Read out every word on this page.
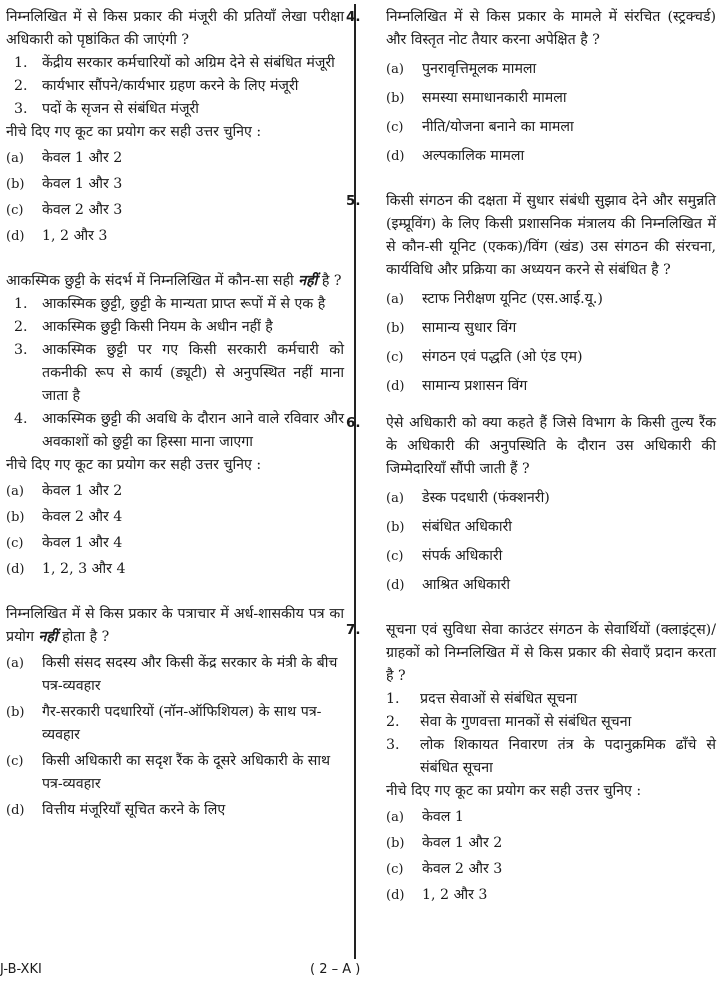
निम्नलिखित में से किस प्रकार की मंजूरी की प्रतियाँ लेखा परीक्षा अधिकारी को पृष्ठांकित की जाएंगी ?
1.	केंद्रीय सरकार कर्मचारियों को अग्रिम देने से संबंधित मंजूरी
2.	कार्यभार सौंपने/कार्यभार ग्रहण करने के लिए मंजूरी
3.	पदों के सृजन से संबंधित मंजूरी
नीचे दिए गए कूट का प्रयोग कर सही उत्तर चुनिए :
(a)	केवल 1 और 2
(b)	केवल 1 और 3
(c)	केवल 2 और 3
(d)	1, 2 और 3
आकस्मिक छुट्टी के संदर्भ में निम्नलिखित में कौन-सा सही नहीं है ?
1.	आकस्मिक छुट्टी, छुट्टी के मान्यता प्राप्त रूपों में से एक है
2.	आकस्मिक छुट्टी किसी नियम के अधीन नहीं है
3.	आकस्मिक छुट्टी पर गए किसी सरकारी कर्मचारी को तकनीकी रूप से कार्य (ड्यूटी) से अनुपस्थित नहीं माना जाता है
4.	आकस्मिक छुट्टी की अवधि के दौरान आने वाले रविवार और अवकाशों को छुट्टी का हिस्सा माना जाएगा
नीचे दिए गए कूट का प्रयोग कर सही उत्तर चुनिए :
(a)	केवल 1 और 2
(b)	केवल 2 और 4
(c)	केवल 1 और 4
(d)	1, 2, 3 और 4
निम्नलिखित में से किस प्रकार के पत्राचार में अर्ध-शासकीय पत्र का प्रयोग नहीं होता है ?
(a)	किसी संसद सदस्य और किसी केंद्र सरकार के मंत्री के बीच पत्र-व्यवहार
(b)	गैर-सरकारी पदधारियों (नॉन-ऑफिशियल) के साथ पत्र-व्यवहार
(c)	किसी अधिकारी का सदृश रैंक के दूसरे अधिकारी के साथ पत्र-व्यवहार
(d)	वित्तीय मंजूरियाँ सूचित करने के लिए
4. निम्नलिखित में से किस प्रकार के मामले में संरचित (स्ट्रक्चर्ड) और विस्तृत नोट तैयार करना अपेक्षित है ?
(a)	पुनरावृत्तिमूलक मामला
(b)	समस्या समाधानकारी मामला
(c)	नीति/योजना बनाने का मामला
(d)	अल्पकालिक मामला
5. किसी संगठन की दक्षता में सुधार संबंधी सुझाव देने और समुन्नति (इम्प्रूविंग) के लिए किसी प्रशासनिक मंत्रालय की निम्नलिखित में से कौन-सी यूनिट (एकक)/विंग (खंड) उस संगठन की संरचना, कार्यविधि और प्रक्रिया का अध्ययन करने से संबंधित है ?
(a)	स्टाफ निरीक्षण यूनिट (एस.आई.यू.)
(b)	सामान्य सुधार विंग
(c)	संगठन एवं पद्धति (ओ एंड एम)
(d)	सामान्य प्रशासन विंग
6. ऐसे अधिकारी को क्या कहते हैं जिसे विभाग के किसी तुल्य रैंक के अधिकारी की अनुपस्थिति के दौरान उस अधिकारी की जिम्मेदारियाँ सौंपी जाती हैं ?
(a)	डेस्क पदधारी (फंक्शनरी)
(b)	संबंधित अधिकारी
(c)	संपर्क अधिकारी
(d)	आश्रित अधिकारी
7. सूचना एवं सुविधा सेवा काउंटर संगठन के सेवार्थियों (क्लाइंट्स)/ग्राहकों को निम्नलिखित में से किस प्रकार की सेवाएँ प्रदान करता है ?
1.	प्रदत्त सेवाओं से संबंधित सूचना
2.	सेवा के गुणवत्ता मानकों से संबंधित सूचना
3.	लोक शिकायत निवारण तंत्र के पदानुक्रमिक ढाँचे से संबंधित सूचना
नीचे दिए गए कूट का प्रयोग कर सही उत्तर चुनिए :
(a)	केवल 1
(b)	केवल 1 और 2
(c)	केवल 2 और 3
(d)	1, 2 और 3
J-B-XKI	( 2 – A )
